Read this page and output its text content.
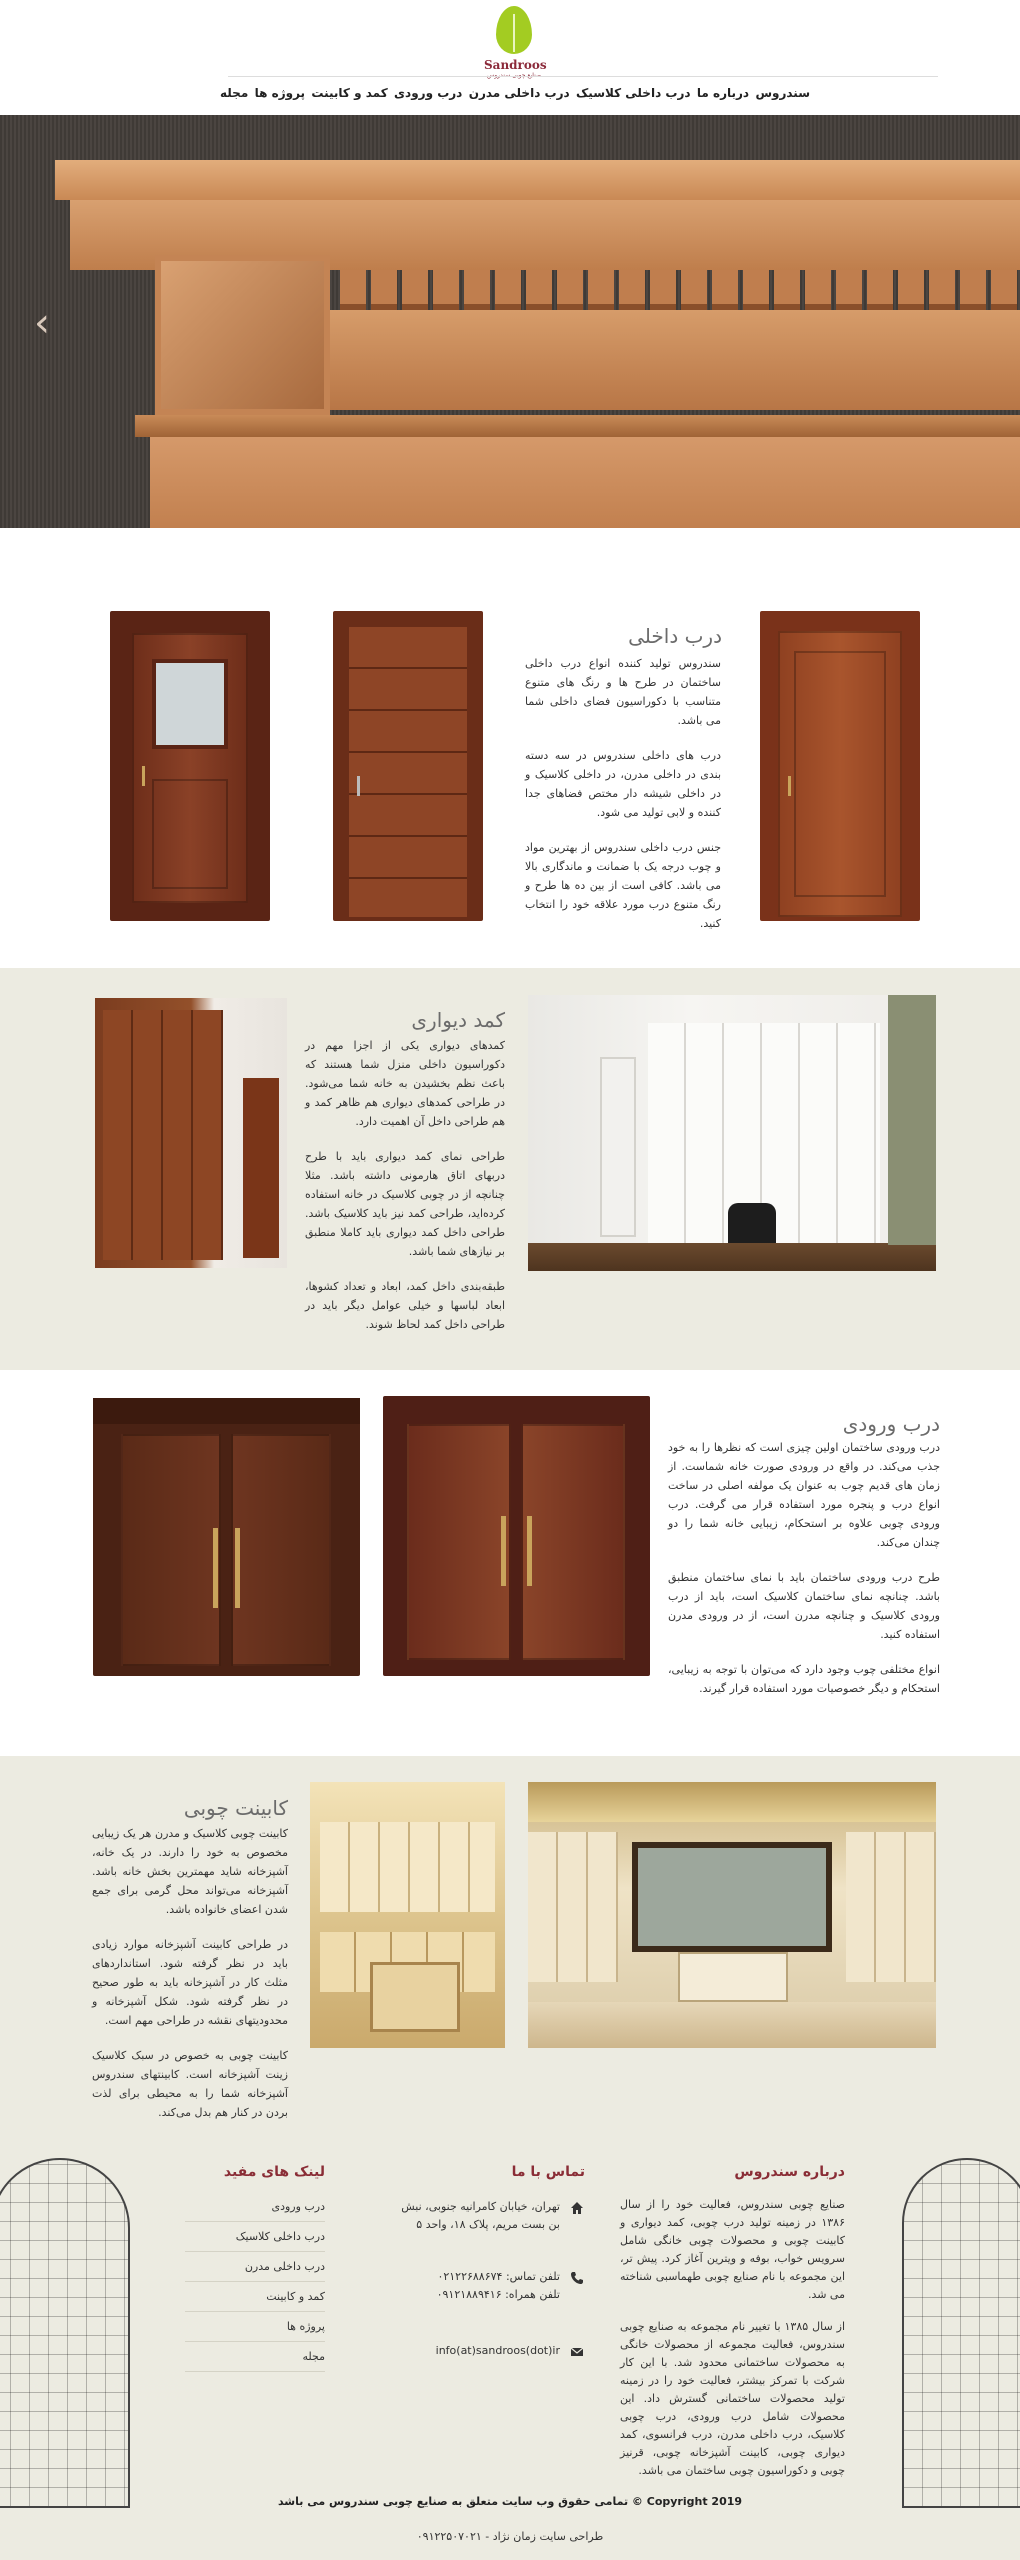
Sandroos
سندروس
درباره ما
درب داخلی کلاسیک
درب داخلی مدرن
درب ورودی
کمد و کابینت
پروژه ها
مجله
‹
درب داخلی

سندروس تولید کننده انواع درب داخلی ساختمان در طرح ها و رنگ های متنوع متناسب با دکوراسیون فضای داخلی شما می باشد.

درب های داخلی سندروس در سه دسته بندی در داخلی مدرن، در داخلی کلاسیک و در داخلی شیشه دار مختص فضاهای جدا کننده و لابی تولید می شود.

جنس درب داخلی سندروس از بهترین مواد و چوب درجه یک با ضمانت و ماندگاری بالا می باشد. کافی است از بین ده ها طرح و رنگ متنوع درب مورد علاقه خود را انتخاب کنید.

کمد دیواری

کمدهای دیواری یکی از اجزا مهم در دکوراسیون داخلی منزل شما هستند که باعث نظم بخشیدن به خانه شما می‌شود. در طراحی کمدهای دیواری هم ظاهر کمد و هم طراحی داخل آن اهمیت دارد.

طراحی نمای کمد دیواری باید با طرح دربهای اتاق هارمونی داشته باشد. مثلا چنانچه از در چوبی کلاسیک در خانه استفاده کرده‌اید، طراحی کمد نیز باید کلاسیک باشد. طراحی داخل کمد دیواری باید کاملا منطبق بر نیازهای شما باشد.

طبقه‌بندی داخل کمد، ابعاد و تعداد کشوها، ابعاد لباسها و خیلی عوامل دیگر باید در طراحی داخل کمد لحاظ شوند.

درب ورودی

درب ورودی ساختمان اولین چیزی است که نظرها را به خود جذب می‌کند. در واقع در ورودی صورت خانه شماست. از زمان های قدیم چوب به عنوان یک مولفه اصلی در ساخت انواع درب و پنجره مورد استفاده قرار می گرفت. درب ورودی چوبی علاوه بر استحکام، زیبایی خانه شما را دو چندان می‌کند.

طرح درب ورودی ساختمان باید با نمای ساختمان منطبق باشد. چنانچه نمای ساختمان کلاسیک است، باید از درب ورودی کلاسیک و چنانچه مدرن است، از در ورودی مدرن استفاده کنید.

انواع مختلفی چوب وجود دارد که می‌توان با توجه به زیبایی، استحکام و دیگر خصوصیات مورد استفاده قرار گیرند.

کابینت چوبی

کابینت چوبی کلاسیک و مدرن هر یک زیبایی مخصوص به خود را دارند. در یک خانه، آشپزخانه شاید مهمترین بخش خانه باشد. آشپزخانه می‌تواند محل گرمی برای جمع شدن اعضای خانواده باشد.

در طراحی کابینت آشپزخانه موارد زیادی باید در نظر گرفته شود. استانداردهای مثلث کار در آشپزخانه باید به طور صحیح در نظر گرفته شود. شکل آشپزخانه و محدودیتهای نقشه در طراحی مهم است.

کابینت چوبی به خصوص در سبک کلاسیک زینت آشپزخانه است. کابینتهای سندروس آشپزخانه شما را به محیطی برای لذت بردن در کنار هم بدل می‌کند.

درباره سندروس

صنایع چوبی سندروس، فعالیت خود را از سال ۱۳۸۶ در زمینه تولید درب چوبی، کمد دیواری و کابینت چوبی و محصولات چوبی خانگی شامل سرویس خواب، بوفه و ویترین آغاز کرد. پیش تر، این مجموعه با نام صنایع چوبی طهماسبی شناخته می شد.

از سال ۱۳۸۵ با تغییر نام مجموعه به صنایع چوبی سندروس، فعالیت مجموعه از محصولات خانگی به محصولات ساختمانی محدود شد. با این کار شرکت با تمرکز بیشتر، فعالیت خود را در زمینه تولید محصولات ساختمانی گسترش داد. این محصولات شامل درب ورودی، درب چوبی کلاسیک، درب داخلی مدرن، درب فرانسوی، کمد دیواری چوبی، کابینت آشپزخانه چوبی، قرنیز چوبی و دکوراسیون چوبی ساختمان می باشد.

تماس با ما
تهران، خیابان کامرانیه جنوبی، نبش بن بست مریم، پلاک ۱۸، واحد ۵
تلفن تماس: ۰۲۱۲۲۶۸۸۶۷۴
تلفن همراه: ۰۹۱۲۱۸۸۹۴۱۶
info(at)sandroos(dot)ir
لینک های مفید
درب ورودی
درب داخلی کلاسیک
درب داخلی مدرن
کمد و کابینت
پروژه ها
مجله
Copyright 2019 © تمامی حقوق وب سایت متعلق به صنایع چوبی سندروس می باشد
طراحی سایت زمان نژاد - ۰۹۱۲۲۵۰۷۰۲۱
